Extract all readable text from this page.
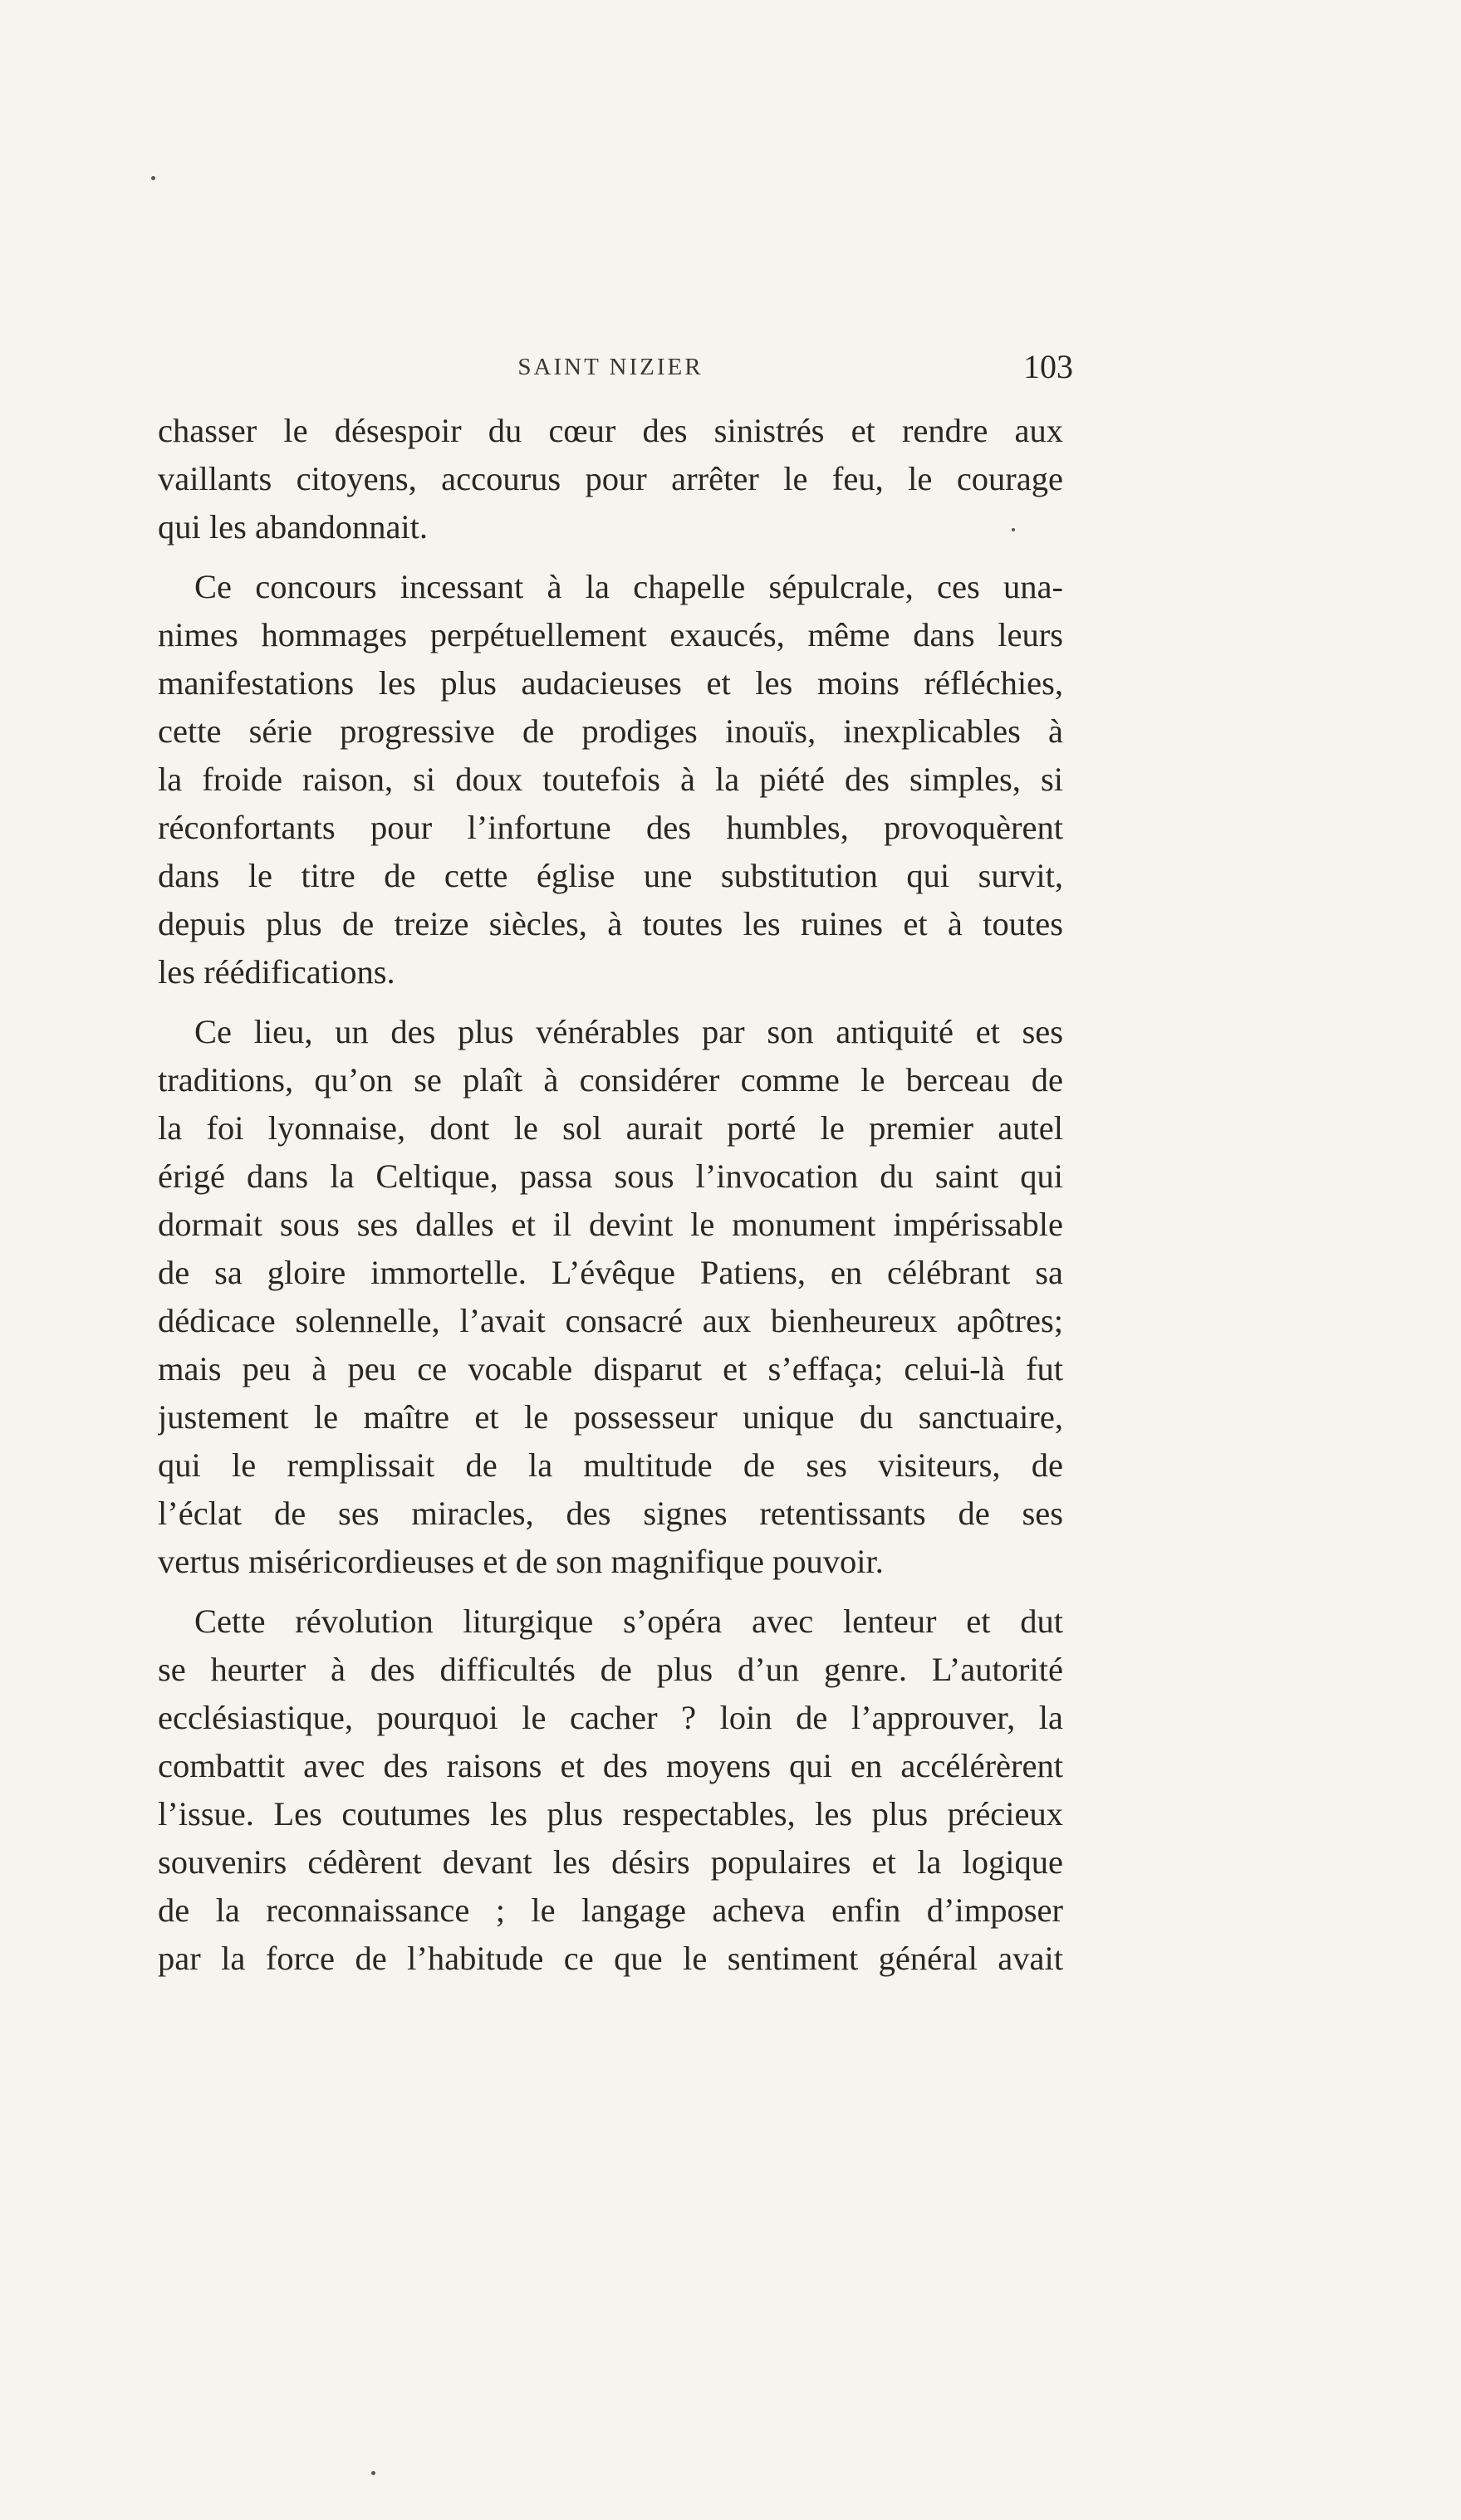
SAINT NIZIER	103
chasser le désespoir du cœur des sinistrés et rendre aux
vaillants citoyens, accourus pour arrêter le feu, le courage
qui les abandonnait.
Ce concours incessant à la chapelle sépulcrale, ces una-
nimes hommages perpétuellement exaucés, même dans leurs
manifestations les plus audacieuses et les moins réfléchies,
cette série progressive de prodiges inouïs, inexplicables à
la froide raison, si doux toutefois à la piété des simples, si
réconfortants pour l’infortune des humbles, provoquèrent
dans le titre de cette église une substitution qui survit,
depuis plus de treize siècles, à toutes les ruines et à toutes
les réédifications.
Ce lieu, un des plus vénérables par son antiquité et ses
traditions, qu’on se plaît à considérer comme le berceau de
la foi lyonnaise, dont le sol aurait porté le premier autel
érigé dans la Celtique, passa sous l’invocation du saint qui
dormait sous ses dalles et il devint le monument impérissable
de sa gloire immortelle. L’évêque Patiens, en célébrant sa
dédicace solennelle, l’avait consacré aux bienheureux apôtres;
mais peu à peu ce vocable disparut et s’effaça; celui-là fut
justement le maître et le possesseur unique du sanctuaire,
qui le remplissait de la multitude de ses visiteurs, de
l’éclat de ses miracles, des signes retentissants de ses
vertus miséricordieuses et de son magnifique pouvoir.
Cette révolution liturgique s’opéra avec lenteur et dut
se heurter à des difficultés de plus d’un genre. L’autorité
ecclésiastique, pourquoi le cacher ? loin de l’approuver, la
combattit avec des raisons et des moyens qui en accélérèrent
l’issue. Les coutumes les plus respectables, les plus précieux
souvenirs cédèrent devant les désirs populaires et la logique
de la reconnaissance ; le langage acheva enfin d’imposer
par la force de l’habitude ce que le sentiment général avait
